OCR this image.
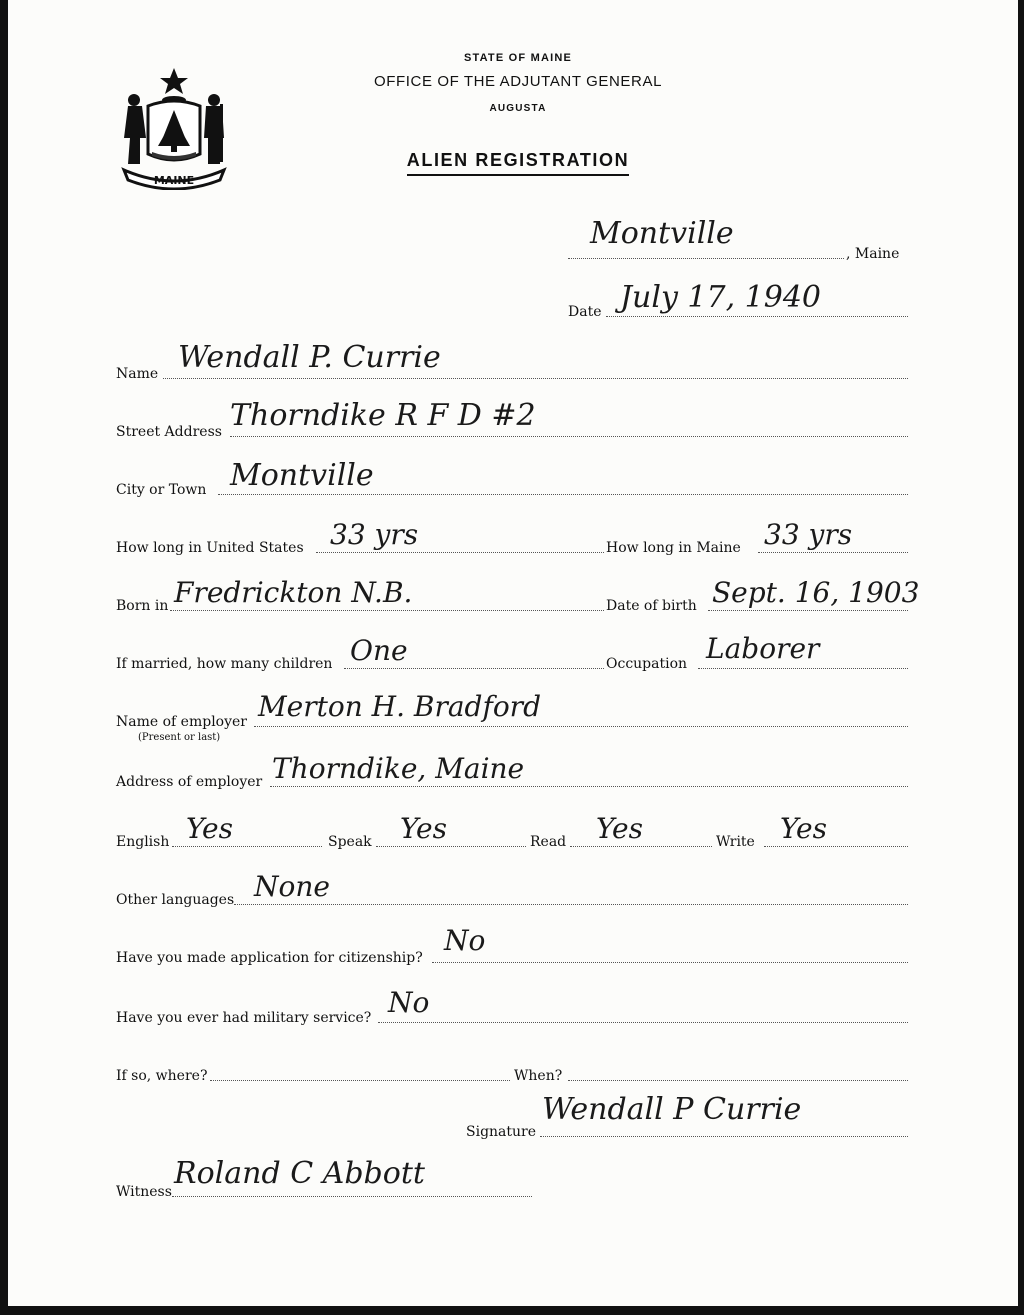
MAINE
STATE OF MAINE
OFFICE OF THE ADJUTANT GENERAL
AUGUSTA
ALIEN REGISTRATION
Montville
, Maine
Date July 17, 1940
Name Wendall P. Currie
Street Address Thorndike R F D #2
City or Town Montville
How long in United States 33 yrs	How long in Maine 33 yrs
Born in Fredrickton N.B.	Date of birth Sept. 16, 1903
If married, how many children One	Occupation Laborer
Name of employer
(Present or last)
Merton H. Bradford
Address of employer Thorndike, Maine
English Yes	Speak Yes	Read Yes	Write Yes
Other languages None
Have you made application for citizenship?
No
Have you ever had military service? No
If so, where?	When?
Signature
Wendall P Currie
Witness
Roland C Abbott
